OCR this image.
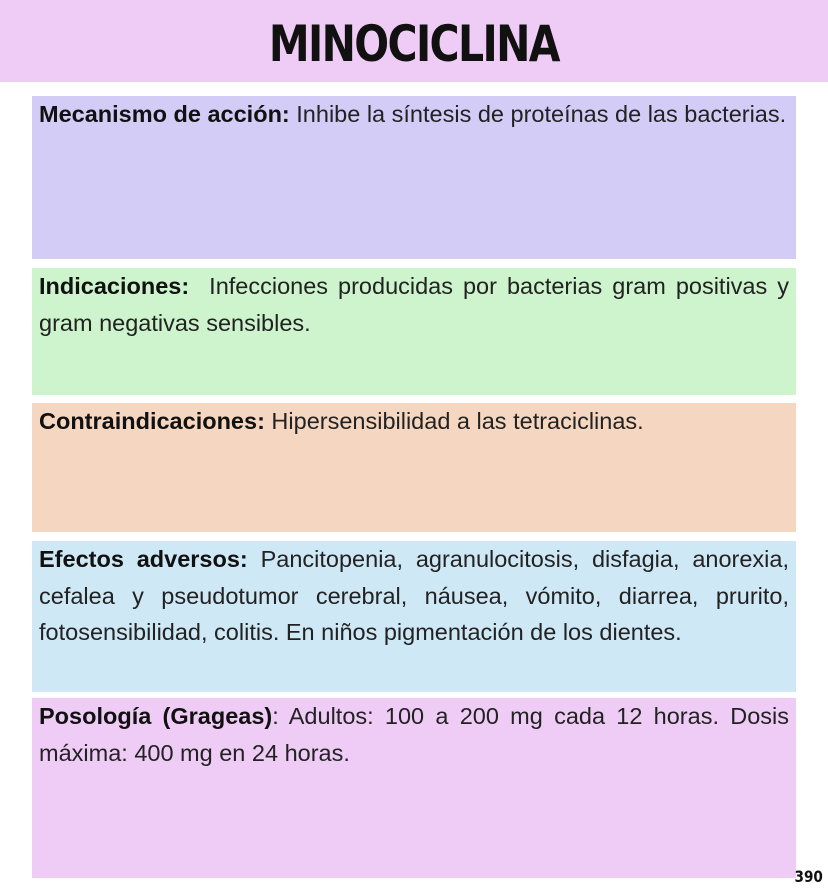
MINOCICLINA

Mecanismo de acción: Inhibe la síntesis de proteínas de las bacterias.

Indicaciones:  Infecciones producidas por bacterias gram positivas y gram negativas sensibles.

Contraindicaciones: Hipersensibilidad a las tetraciclinas.

Efectos adversos: Pancitopenia, agranulocitosis, disfagia, anorexia, cefalea y pseudotumor cerebral, náusea, vómito, diarrea, prurito, fotosensibilidad, colitis. En niños pigmentación de los dientes.

Posología (Grageas): Adultos: 100 a 200 mg cada 12 horas. Dosis máxima: 400 mg en 24 horas.

390
